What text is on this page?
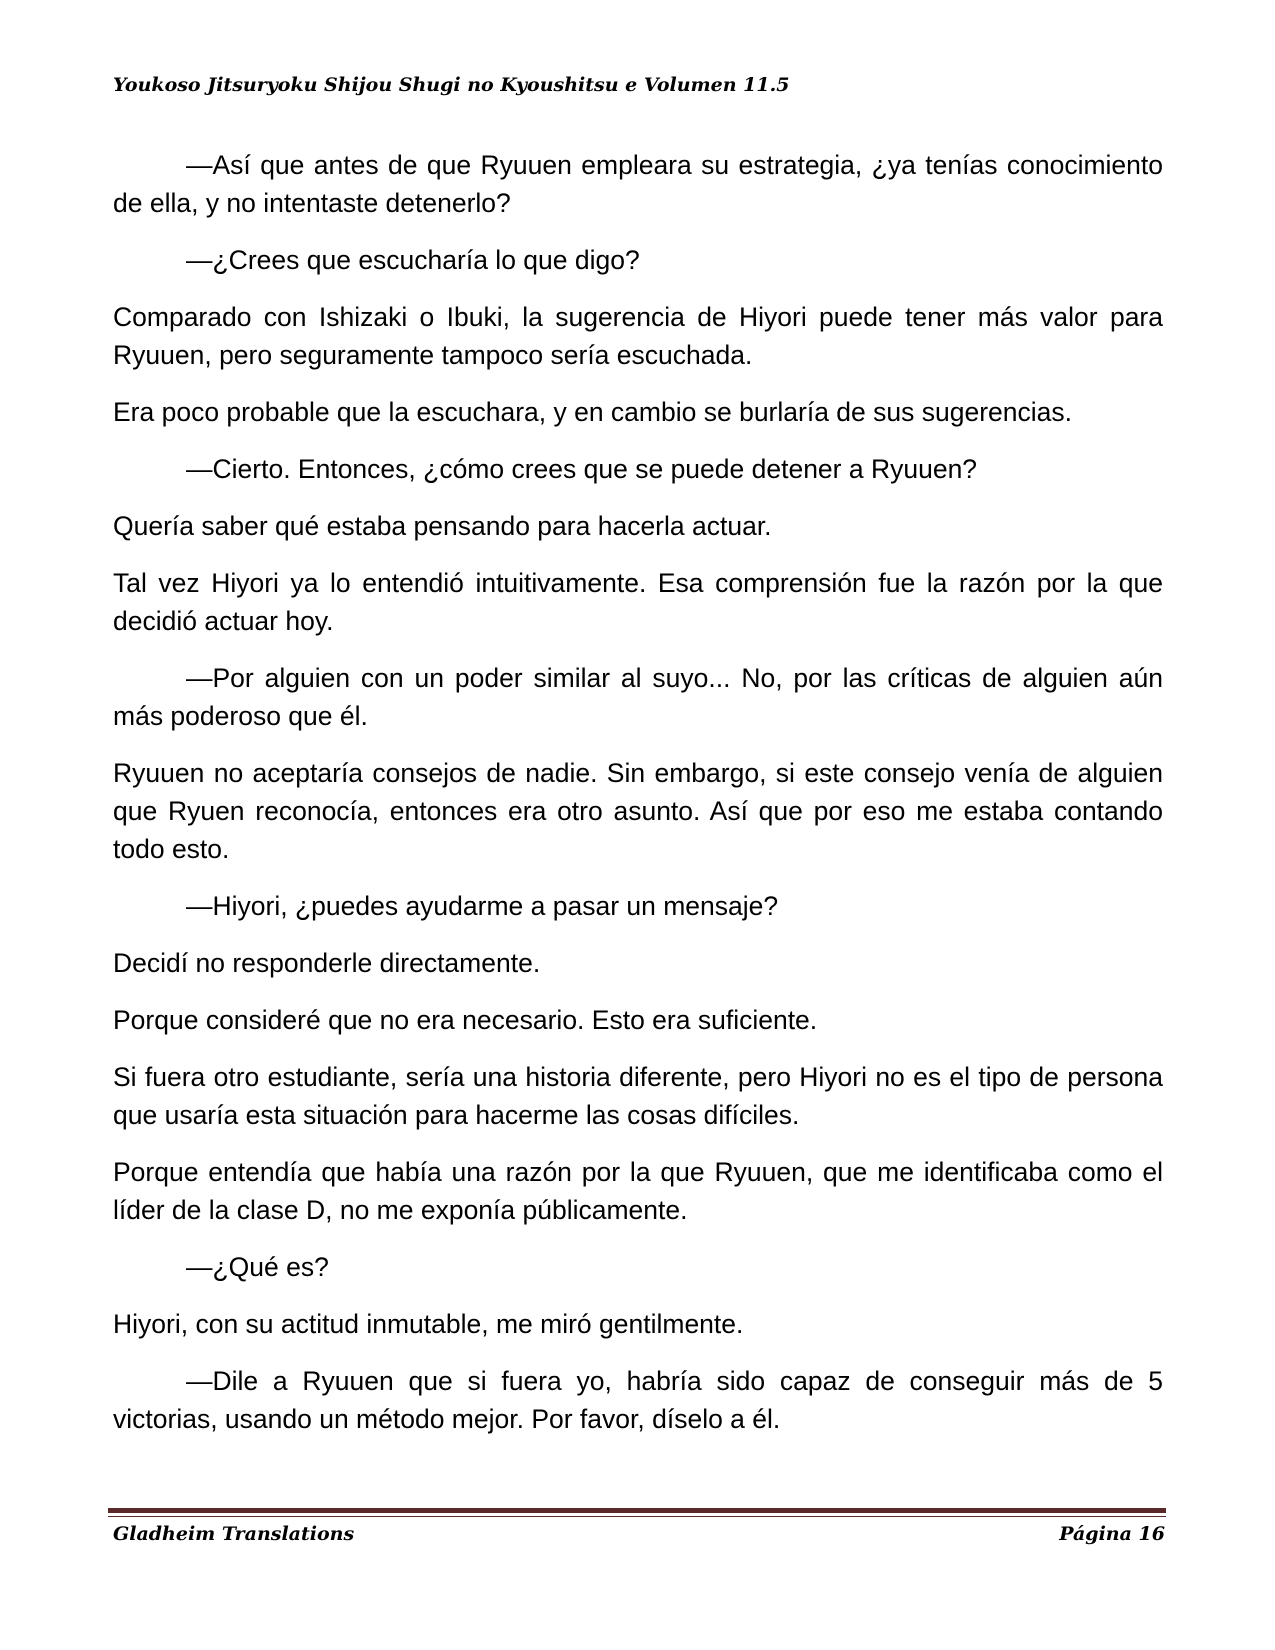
Youkoso Jitsuryoku Shijou Shugi no Kyoushitsu e Volumen 11.5

—Así que antes de que Ryuuen empleara su estrategia, ¿ya tenías conocimiento de ella, y no intentaste detenerlo?

—¿Crees que escucharía lo que digo?

Comparado con Ishizaki o Ibuki, la sugerencia de Hiyori puede tener más valor para Ryuuen, pero seguramente tampoco sería escuchada.

Era poco probable que la escuchara, y en cambio se burlaría de sus sugerencias.

—Cierto. Entonces, ¿cómo crees que se puede detener a Ryuuen?

Quería saber qué estaba pensando para hacerla actuar.

Tal vez Hiyori ya lo entendió intuitivamente. Esa comprensión fue la razón por la que decidió actuar hoy.

—Por alguien con un poder similar al suyo... No, por las críticas de alguien aún más poderoso que él.

Ryuuen no aceptaría consejos de nadie. Sin embargo, si este consejo venía de alguien que Ryuen reconocía, entonces era otro asunto. Así que por eso me estaba contando todo esto.

—Hiyori, ¿puedes ayudarme a pasar un mensaje?

Decidí no responderle directamente.

Porque consideré que no era necesario. Esto era suficiente.

Si fuera otro estudiante, sería una historia diferente, pero Hiyori no es el tipo de persona que usaría esta situación para hacerme las cosas difíciles.

Porque entendía que había una razón por la que Ryuuen, que me identificaba como el líder de la clase D, no me exponía públicamente.

—¿Qué es?

Hiyori, con su actitud inmutable, me miró gentilmente.

—Dile a Ryuuen que si fuera yo, habría sido capaz de conseguir más de 5 victorias, usando un método mejor. Por favor, díselo a él.

Gladheim Translations	Página 16
